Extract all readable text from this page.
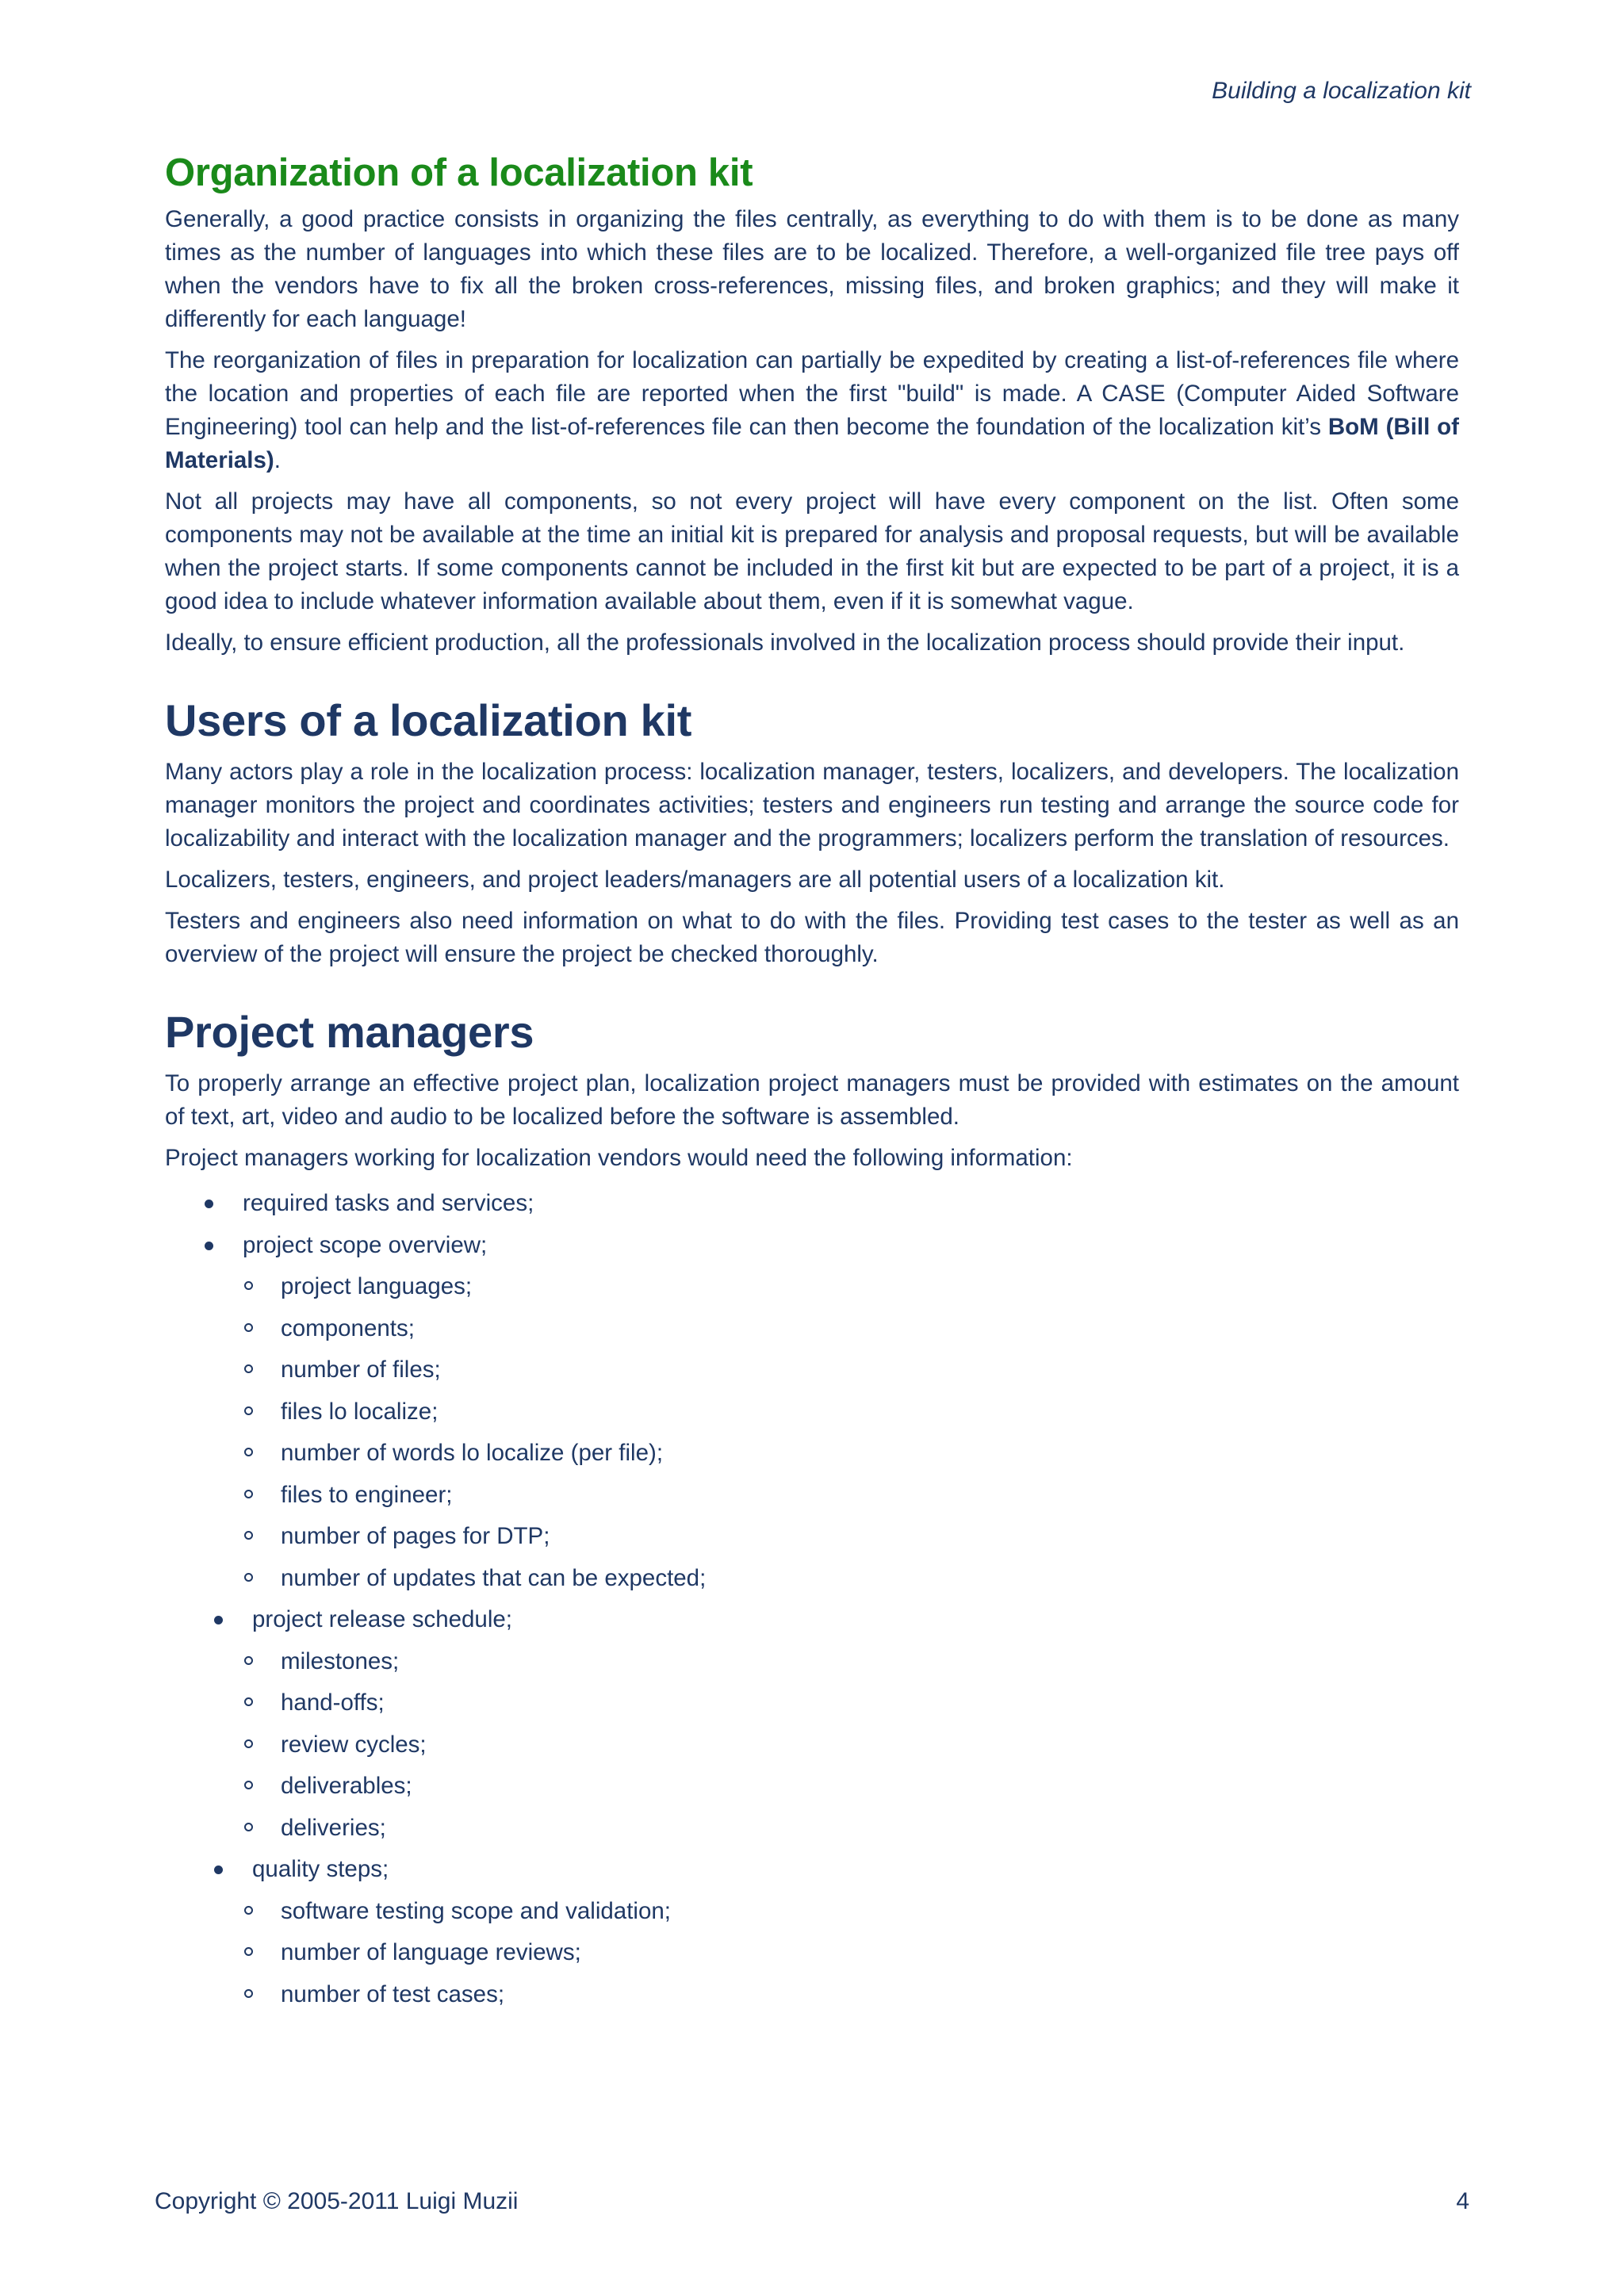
Building a localization kit
Organization of a localization kit

Generally, a good practice consists in organizing the files centrally, as everything to do with them is to be done as many times as the number of languages into which these files are to be localized. Therefore, a well-organized file tree pays off when the vendors have to fix all the broken cross-references, missing files, and broken graphics; and they will make it differently for each language!

The reorganization of files in preparation for localization can partially be expedited by creating a list-of-references file where the location and properties of each file are reported when the first "build" is made. A CASE (Computer Aided Software Engineering) tool can help and the list-of-references file can then become the foundation of the localization kit’s BoM (Bill of Materials).

Not all projects may have all components, so not every project will have every component on the list. Often some components may not be available at the time an initial kit is prepared for analysis and proposal requests, but will be available when the project starts. If some components cannot be included in the first kit but are expected to be part of a project, it is a good idea to include whatever information available about them, even if it is somewhat vague.

Ideally, to ensure efficient production, all the professionals involved in the localization process should provide their input.

Users of a localization kit

Many actors play a role in the localization process: localization manager, testers, localizers, and developers. The localization manager monitors the project and coordinates activities; testers and engineers run testing and arrange the source code for localizability and interact with the localization manager and the programmers; localizers perform the translation of resources.

Localizers, testers, engineers, and project leaders/managers are all potential users of a localization kit.

Testers and engineers also need information on what to do with the files. Providing test cases to the tester as well as an overview of the project will ensure the project be checked thoroughly.

Project managers

To properly arrange an effective project plan, localization project managers must be provided with estimates on the amount of text, art, video and audio to be localized before the software is assembled.

Project managers working for localization vendors would need the following information:

required tasks and services;
project scope overview;
project languages;
components;
number of files;
files lo localize;
number of words lo localize (per file);
files to engineer;
number of pages for DTP;
number of updates that can be expected;
project release schedule;
milestones;
hand-offs;
review cycles;
deliverables;
deliveries;
quality steps;
software testing scope and validation;
number of language reviews;
number of test cases;
Copyright © 2005-2011 Luigi Muzii	4
